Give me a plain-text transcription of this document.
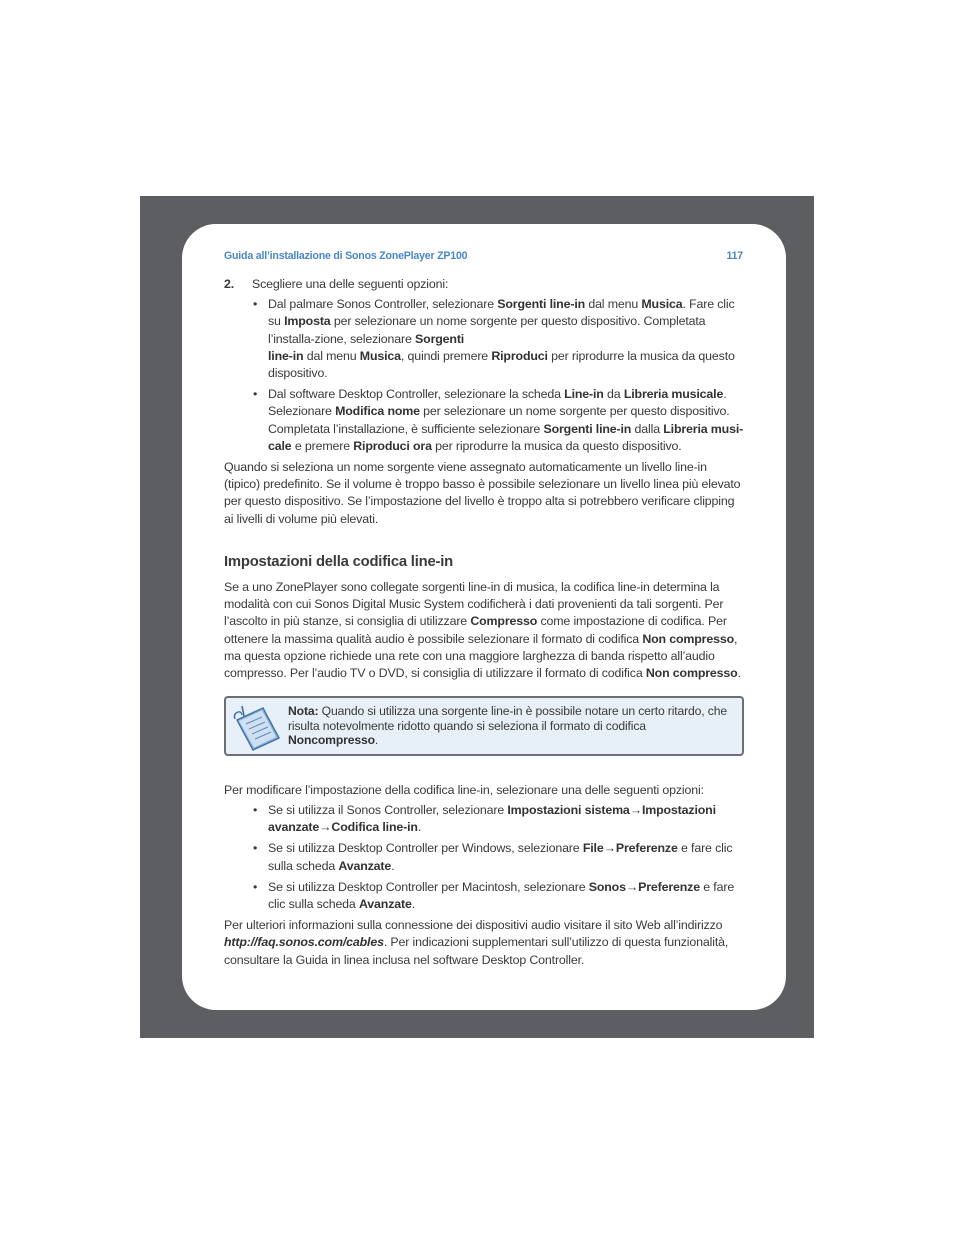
Guida all’installazione di Sonos ZonePlayer ZP100	117
2.	Scegliere una delle seguenti opzioni:
• Dal palmare Sonos Controller, selezionare Sorgenti line-in dal menu Musica. Fare clic su Imposta per selezionare un nome sorgente per questo dispositivo. Completata l’installa-zione, selezionare Sorgenti
line-in dal menu Musica, quindi premere Riproduci per riprodurre la musica da questo dispositivo.
• Dal software Desktop Controller, selezionare la scheda Line-in da Libreria musicale. Selezionare Modifica nome per selezionare un nome sorgente per questo dispositivo. Completata l’installazione, è sufficiente selezionare Sorgenti line-in dalla Libreria musi-cale e premere Riproduci ora per riprodurre la musica da questo dispositivo.

Quando si seleziona un nome sorgente viene assegnato automaticamente un livello line-in (tipico) predefinito. Se il volume è troppo basso è possibile selezionare un livello linea più elevato per questo dispositivo. Se l’impostazione del livello è troppo alta si potrebbero verificare clipping ai livelli di volume più elevati.

Impostazioni della codifica line-in

Se a uno ZonePlayer sono collegate sorgenti line-in di musica, la codifica line-in determina la modalità con cui Sonos Digital Music System codificherà i dati provenienti da tali sorgenti. Per l’ascolto in più stanze, si consiglia di utilizzare Compresso come impostazione di codifica. Per ottenere la massima qualità audio è possibile selezionare il formato di codifica Non compresso, ma questa opzione richiede una rete con una maggiore larghezza di banda rispetto all’audio compresso. Per l’audio TV o DVD, si consiglia di utilizzare il formato di codifica Non compresso.

Nota: Quando si utilizza una sorgente line-in è possibile notare un certo ritardo, che risulta notevolmente ridotto quando si seleziona il formato di codifica Noncompresso.

Per modificare l’impostazione della codifica line-in, selezionare una delle seguenti opzioni:

• Se si utilizza il Sonos Controller, selezionare Impostazioni sistema→Impostazioni avanzate→Codifica line-in.
• Se si utilizza Desktop Controller per Windows, selezionare File→Preferenze e fare clic sulla scheda Avanzate.
• Se si utilizza Desktop Controller per Macintosh, selezionare Sonos→Preferenze e fare clic sulla scheda Avanzate.

Per ulteriori informazioni sulla connessione dei dispositivi audio visitare il sito Web all’indirizzo http://faq.sonos.com/cables. Per indicazioni supplementari sull’utilizzo di questa funzionalità, consultare la Guida in linea inclusa nel software Desktop Controller.
